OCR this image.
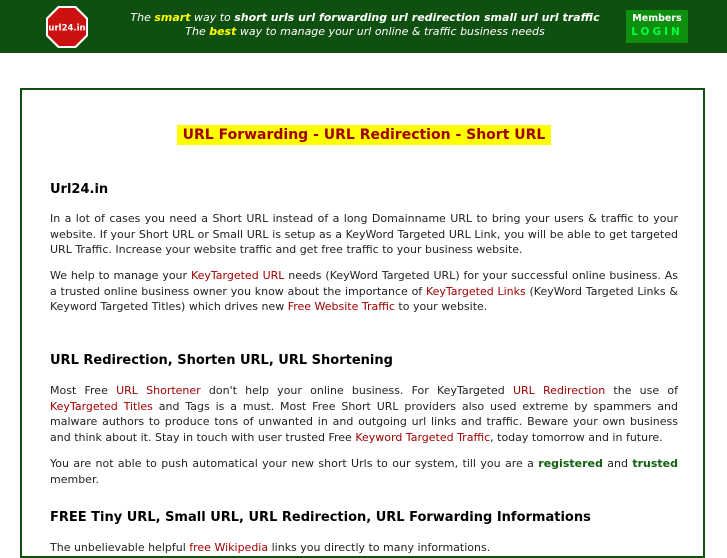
url24.in
The smart way to short urls url forwarding url redirection small url url traffic
The best way to manage your url online & traffic business needs
Members
LOGIN
URL Forwarding - URL Redirection - Short URL
Url24.in

In a lot of cases you need a Short URL instead of a long Domainname URL to bring your users & traffic to your website. If your Short URL or Small URL is setup as a KeyWord Targeted URL Link, you will be able to get targeted URL Traffic. Increase your website traffic and get free traffic to your business website.

We help to manage your KeyTargeted URL needs (KeyWord Targeted URL) for your successful online business. As a trusted online business owner you know about the importance of KeyTargeted Links (KeyWord Targeted Links & Keyword Targeted Titles) which drives new Free Website Traffic to your website.

URL Redirection, Shorten URL, URL Shortening

Most Free URL Shortener don't help your online business. For KeyTargeted URL Redirection the use of KeyTargeted Titles and Tags is a must. Most Free Short URL providers also used extreme by spammers and malware authors to produce tons of unwanted in and outgoing url links and traffic. Beware your own business and think about it. Stay in touch with user trusted Free Keyword Targeted Traffic, today tomorrow and in future.

You are not able to push automatical your new short Urls to our system, till you are a registered and trusted member.

FREE Tiny URL, Small URL, URL Redirection, URL Forwarding Informations

The unbelievable helpful free Wikipedia links you directly to many informations.
